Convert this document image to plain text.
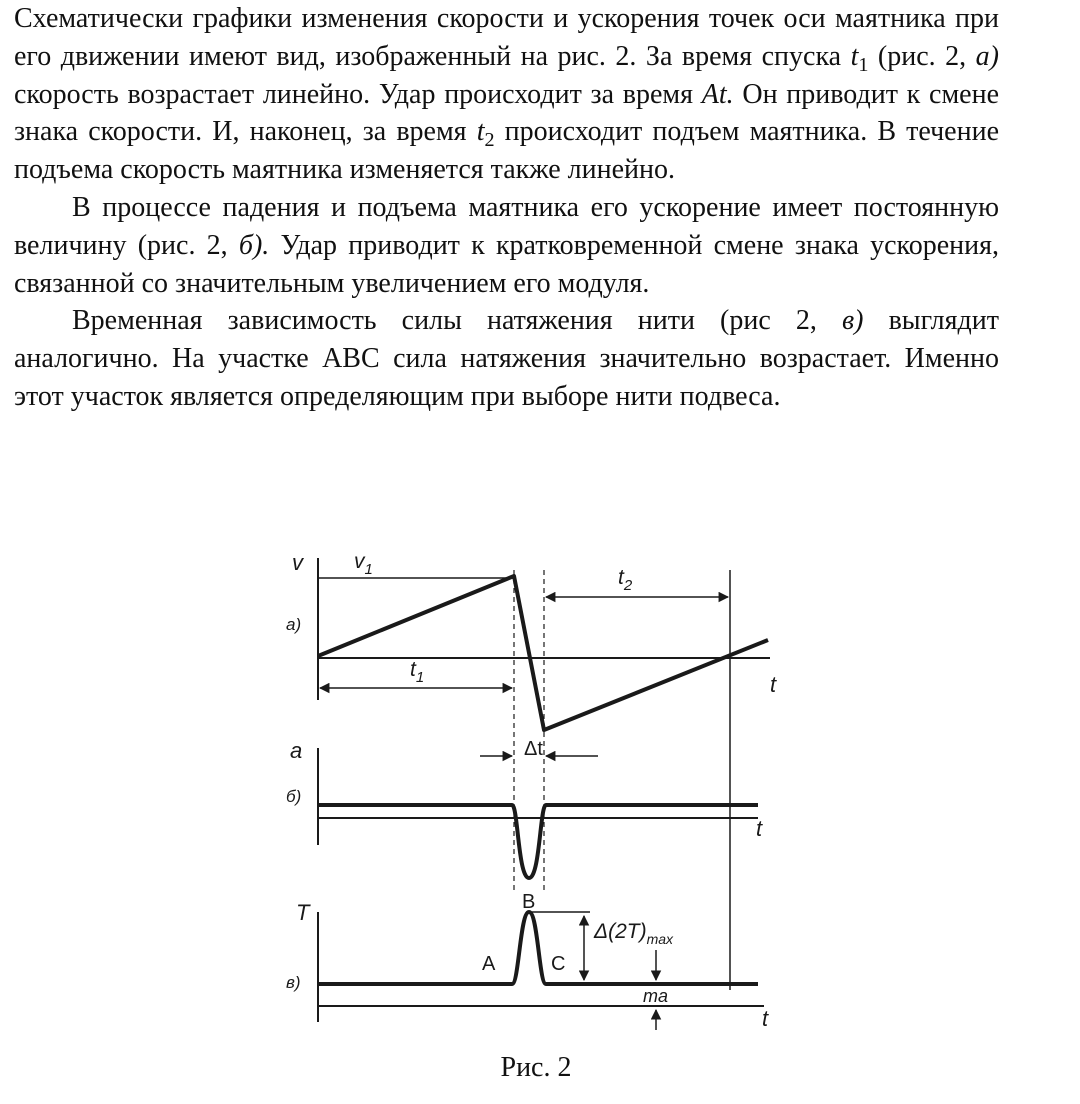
Схематически графики изменения скорости и ускорения точек оси маятника при его движении имеют вид, изображенный на рис. 2. За время спуска $t_1$ (рис. 2, а) скорость возрастает линейно. Удар происходит за время At. Он приводит к смене знака скорости. И, наконец, за время $t_2$ происходит подъем маятника. В течение подъема скорость маятника изменяется также линейно.

В процессе падения и подъема маятника его ускорение имеет постоянную величину (рис. 2, б). Удар приводит к кратковременной смене знака ускорения, связанной со значительным увеличением его модуля.

Временная зависимость силы натяжения нити (рис 2, в) выглядит аналогично. На участке ABC сила натяжения значительно возрастает. Именно этот участок является определяющим при выборе нити подвеса.

v $v_1$
а)
$t_1$
$t_2$
t
a	Δt
б)
t
T	B
A	C
$\Delta(2T)_{max}$
в)
ma
t
Рис. 2
